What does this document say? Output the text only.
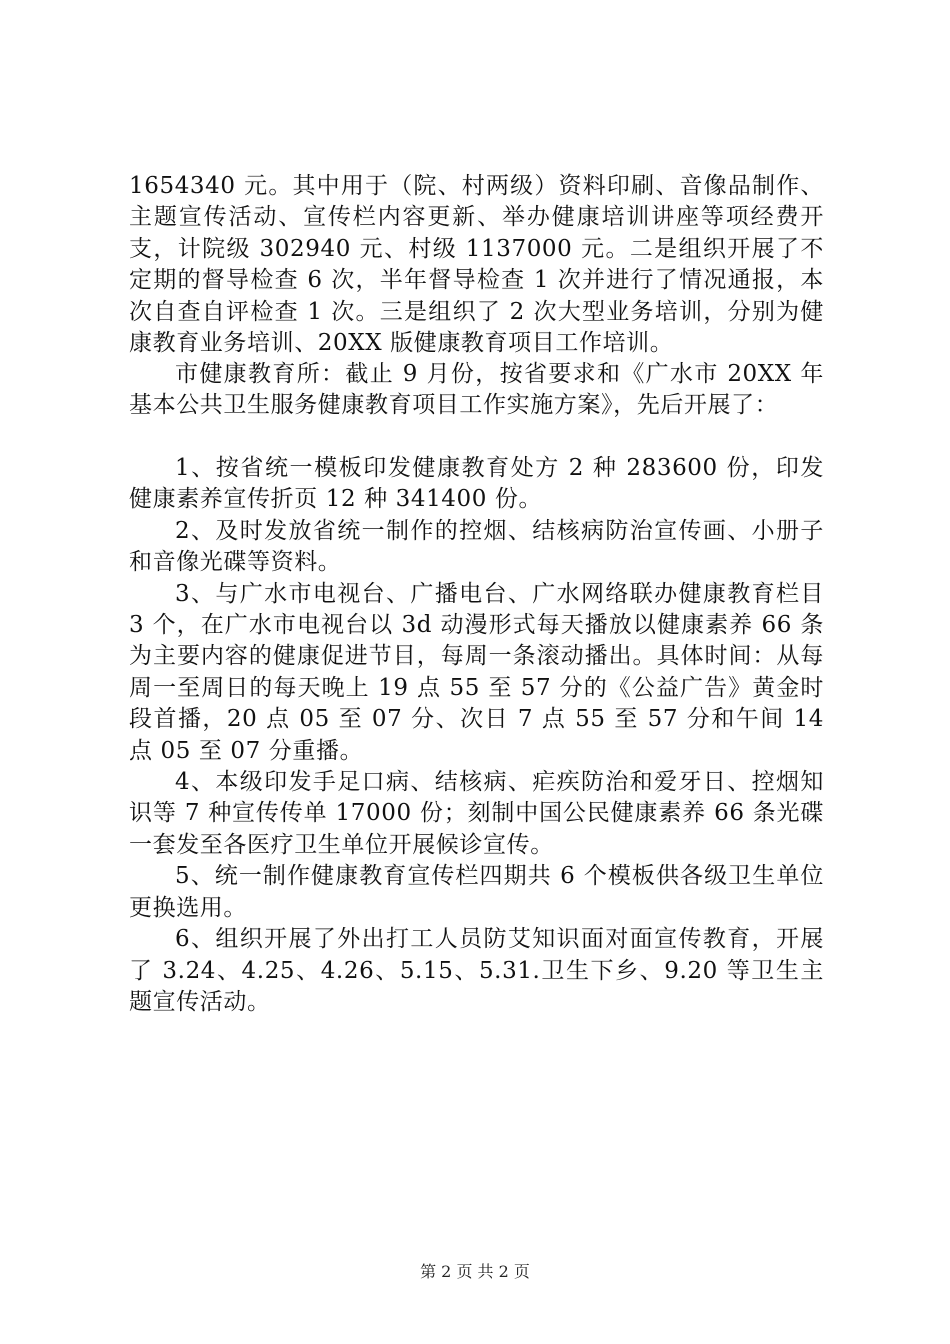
1654340 元。其中用于（院、村两级）资料印刷、音像品制作、主题宣传活动、宣传栏内容更新、举办健康培训讲座等项经费开支，计院级 302940 元、村级 1137000 元。二是组织开展了不定期的督导检查 6 次，半年督导检查 1 次并进行了情况通报，本次自查自评检查 1 次。三是组织了 2 次大型业务培训，分别为健康教育业务培训、20XX 版健康教育项目工作培训。

市健康教育所：截止 9 月份，按省要求和《广水市 20XX 年基本公共卫生服务健康教育项目工作实施方案》，先后开展了：

1、按省统一模板印发健康教育处方 2 种 283600 份，印发健康素养宣传折页 12 种 341400 份。

2、及时发放省统一制作的控烟、结核病防治宣传画、小册子和音像光碟等资料。

3、与广水市电视台、广播电台、广水网络联办健康教育栏目 3 个，在广水市电视台以 3d 动漫形式每天播放以健康素养 66 条为主要内容的健康促进节目，每周一条滚动播出。具体时间：从每周一至周日的每天晚上 19 点 55 至 57 分的《公益广告》黄金时段首播，20 点 05 至 07 分、次日 7 点 55 至 57 分和午间 14 点 05 至 07 分重播。

4、本级印发手足口病、结核病、疟疾防治和爱牙日、控烟知识等 7 种宣传传单 17000 份；刻制中国公民健康素养 66 条光碟一套发至各医疗卫生单位开展候诊宣传。

5、统一制作健康教育宣传栏四期共 6 个模板供各级卫生单位更换选用。

6、组织开展了外出打工人员防艾知识面对面宣传教育，开展了 3.24、4.25、4.26、5.15、5.31.卫生下乡、9.20 等卫生主题宣传活动。

第 2 页 共 2 页
